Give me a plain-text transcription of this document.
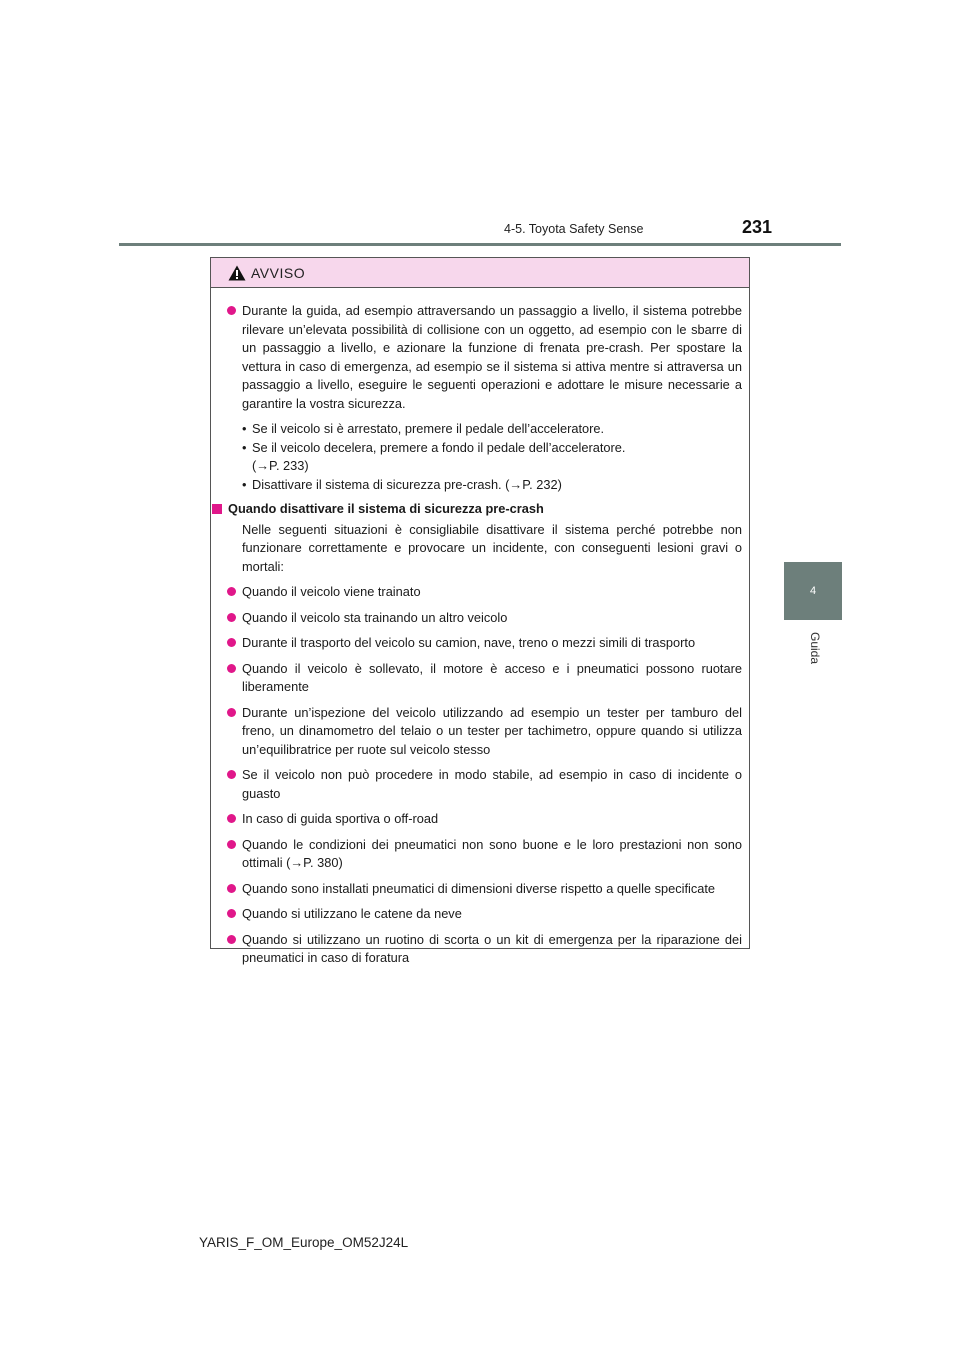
4-5. Toyota Safety Sense	231
4
Guida
AVVISO
Durante la guida, ad esempio attraversando un passaggio a livello, il sistema potrebbe rilevare un’elevata possibilità di collisione con un oggetto, ad esempio con le sbarre di un passaggio a livello, e azionare la funzione di frenata pre-crash. Per spostare la vettura in caso di emergenza, ad esempio se il sistema si attiva mentre si attraversa un passaggio a livello, eseguire le seguenti operazioni e adottare le misure necessarie a garantire la vostra sicurezza.
• Se il veicolo si è arrestato, premere il pedale dell’acceleratore.
• Se il veicolo decelera, premere a fondo il pedale dell’acceleratore.
(→P. 233)
• Disattivare il sistema di sicurezza pre-crash. (→P. 232)
Quando disattivare il sistema di sicurezza pre-crash
Nelle seguenti situazioni è consigliabile disattivare il sistema perché potrebbe non funzionare correttamente e provocare un incidente, con conseguenti lesioni gravi o mortali:
Quando il veicolo viene trainato
Quando il veicolo sta trainando un altro veicolo
Durante il trasporto del veicolo su camion, nave, treno o mezzi simili di trasporto
Quando il veicolo è sollevato, il motore è acceso e i pneumatici possono ruotare liberamente
Durante un’ispezione del veicolo utilizzando ad esempio un tester per tamburo del freno, un dinamometro del telaio o un tester per tachimetro, oppure quando si utilizza un’equilibratrice per ruote sul veicolo stesso
Se il veicolo non può procedere in modo stabile, ad esempio in caso di incidente o guasto
In caso di guida sportiva o off-road
Quando le condizioni dei pneumatici non sono buone e le loro prestazioni non sono ottimali (→P. 380)
Quando sono installati pneumatici di dimensioni diverse rispetto a quelle specificate
Quando si utilizzano le catene da neve
Quando si utilizzano un ruotino di scorta o un kit di emergenza per la riparazione dei pneumatici in caso di foratura
YARIS_F_OM_Europe_OM52J24L
